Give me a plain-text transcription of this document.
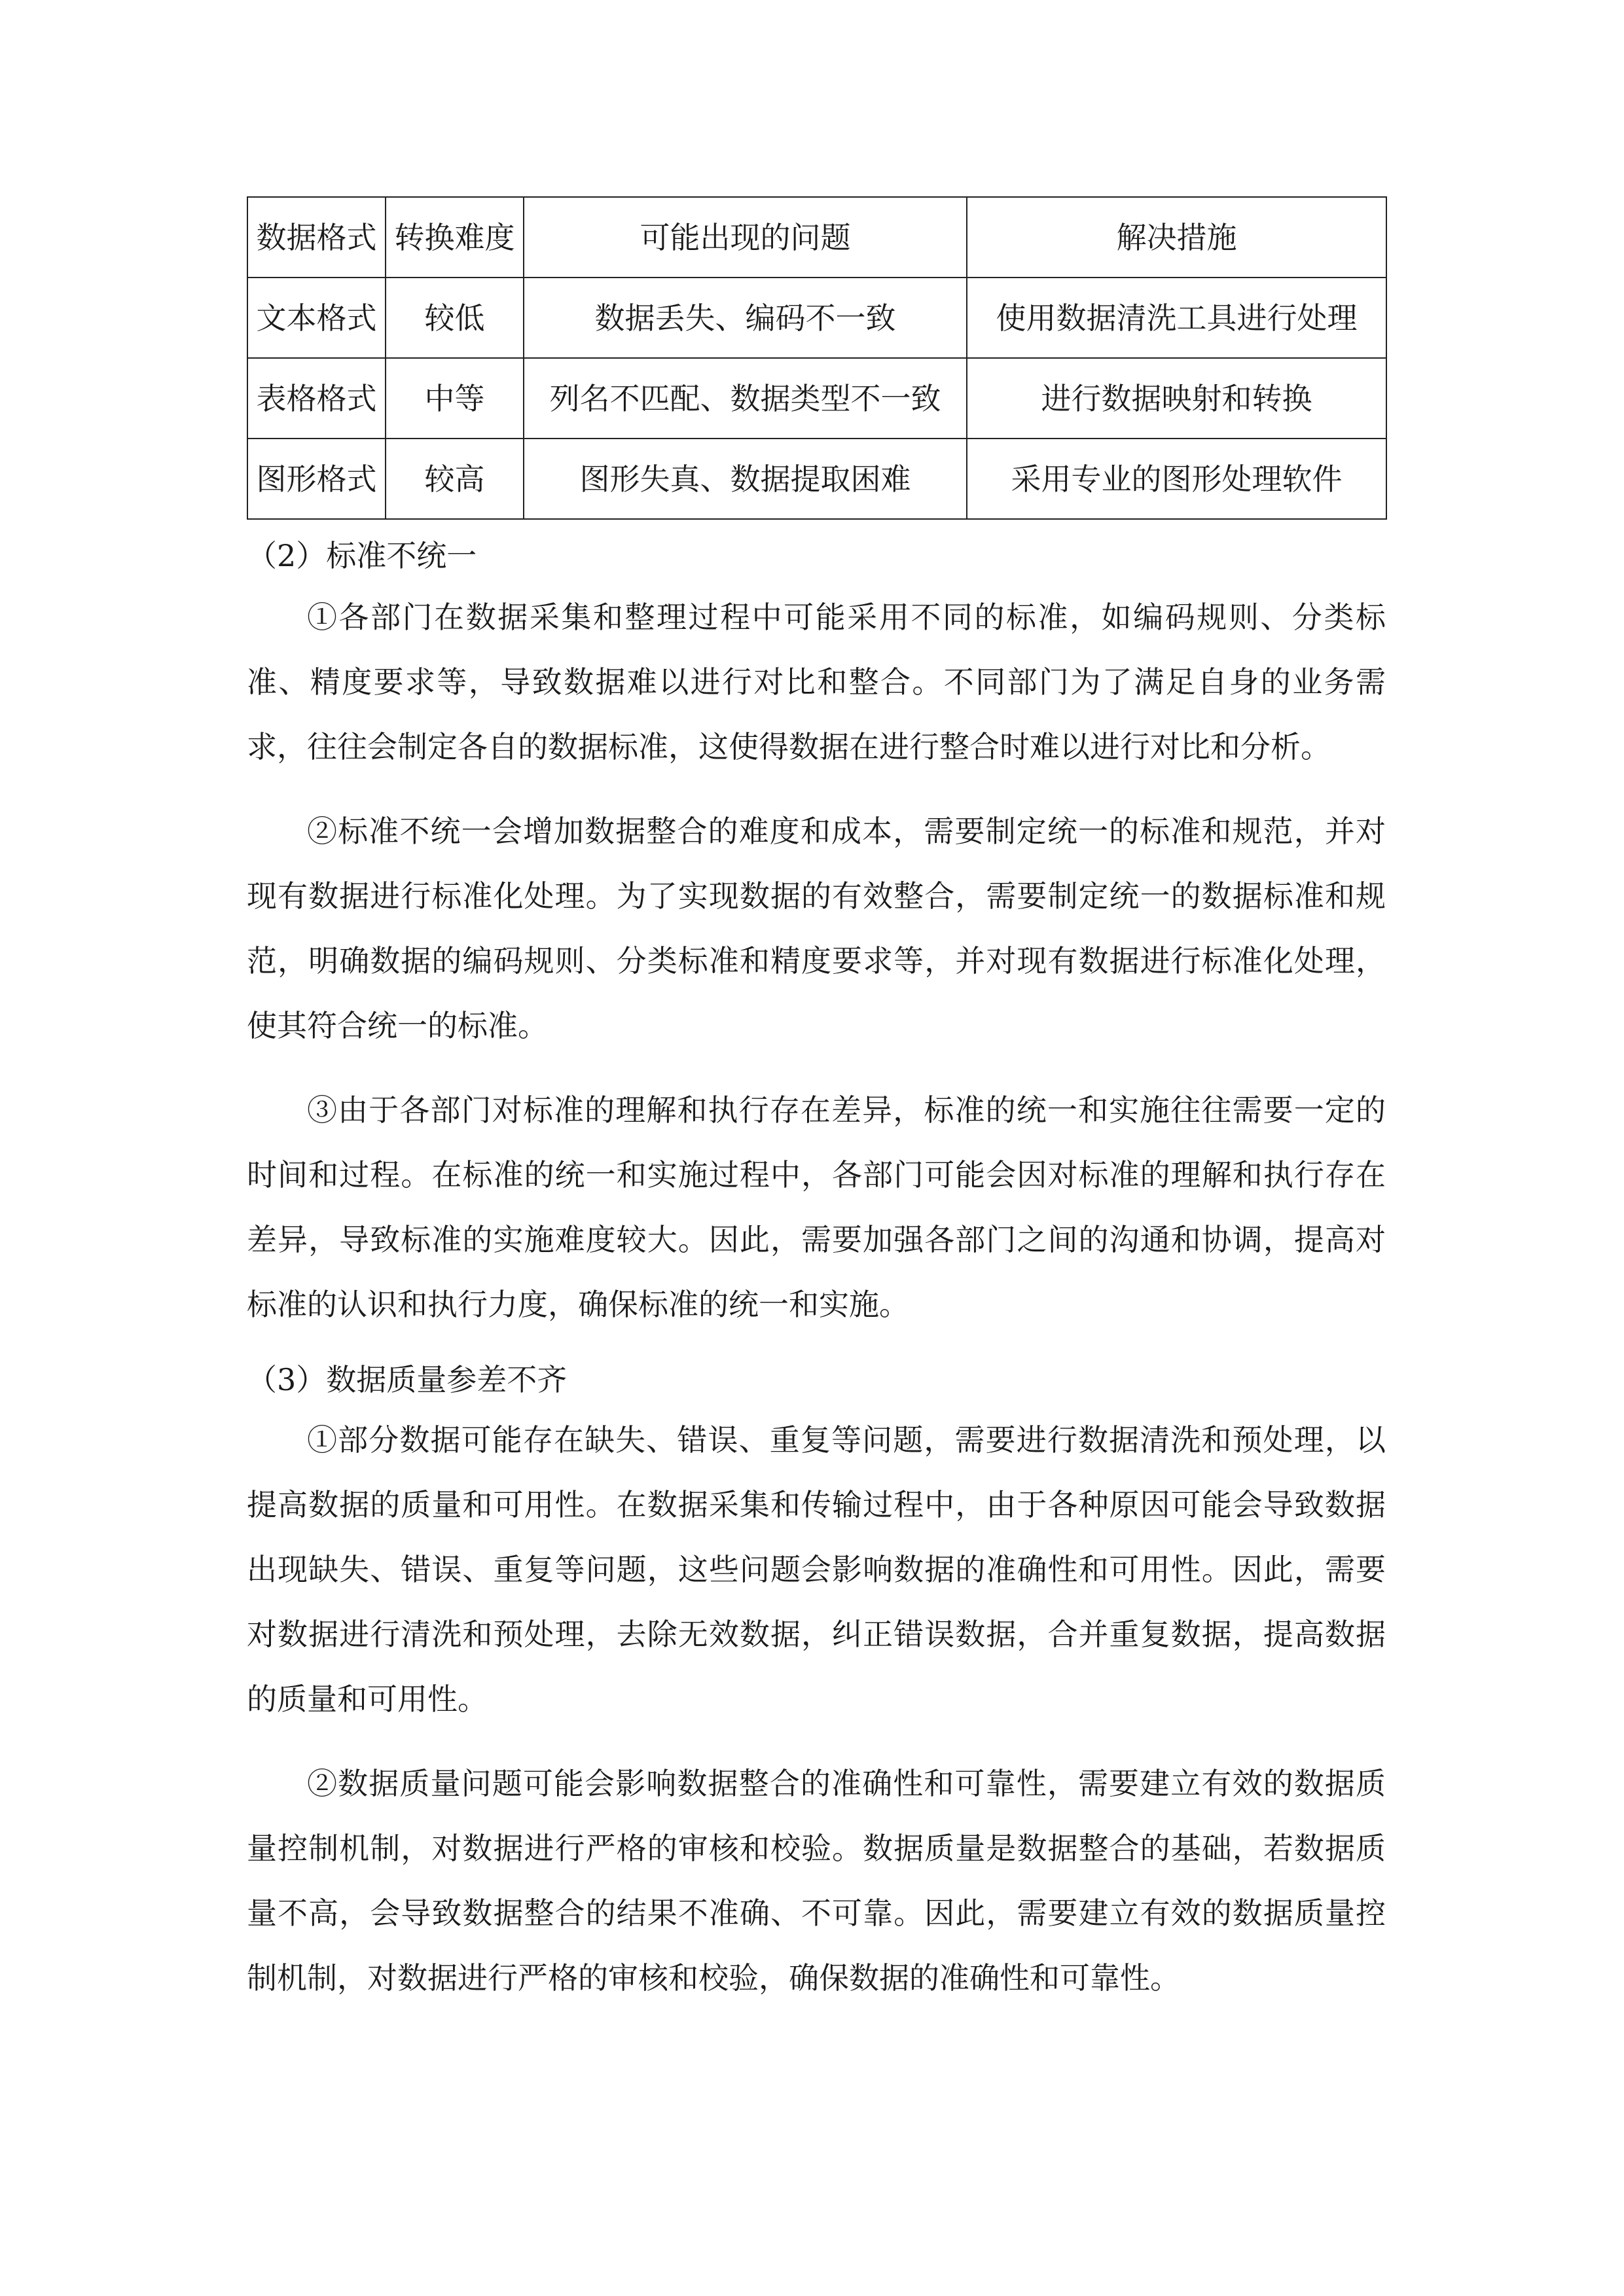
数据格式	转换难度	可能出现的问题	解决措施
文本格式	较低	数据丢失、编码不一致	使用数据清洗工具进行处理
表格格式	中等	列名不匹配、数据类型不一致	进行数据映射和转换
图形格式	较高	图形失真、数据提取困难	采用专业的图形处理软件

（2）标准不统一

①各部门在数据采集和整理过程中可能采用不同的标准，如编码规则、分类标准、精度要求等，导致数据难以进行对比和整合。不同部门为了满足自身的业务需求，往往会制定各自的数据标准，这使得数据在进行整合时难以进行对比和分析。

②标准不统一会增加数据整合的难度和成本，需要制定统一的标准和规范，并对现有数据进行标准化处理。为了实现数据的有效整合，需要制定统一的数据标准和规范，明确数据的编码规则、分类标准和精度要求等，并对现有数据进行标准化处理，使其符合统一的标准。

③由于各部门对标准的理解和执行存在差异，标准的统一和实施往往需要一定的时间和过程。在标准的统一和实施过程中，各部门可能会因对标准的理解和执行存在差异，导致标准的实施难度较大。因此，需要加强各部门之间的沟通和协调，提高对标准的认识和执行力度，确保标准的统一和实施。

（3）数据质量参差不齐

①部分数据可能存在缺失、错误、重复等问题，需要进行数据清洗和预处理，以提高数据的质量和可用性。在数据采集和传输过程中，由于各种原因可能会导致数据出现缺失、错误、重复等问题，这些问题会影响数据的准确性和可用性。因此，需要对数据进行清洗和预处理，去除无效数据，纠正错误数据，合并重复数据，提高数据的质量和可用性。

②数据质量问题可能会影响数据整合的准确性和可靠性，需要建立有效的数据质量控制机制，对数据进行严格的审核和校验。数据质量是数据整合的基础，若数据质量不高，会导致数据整合的结果不准确、不可靠。因此，需要建立有效的数据质量控制机制，对数据进行严格的审核和校验，确保数据的准确性和可靠性。
